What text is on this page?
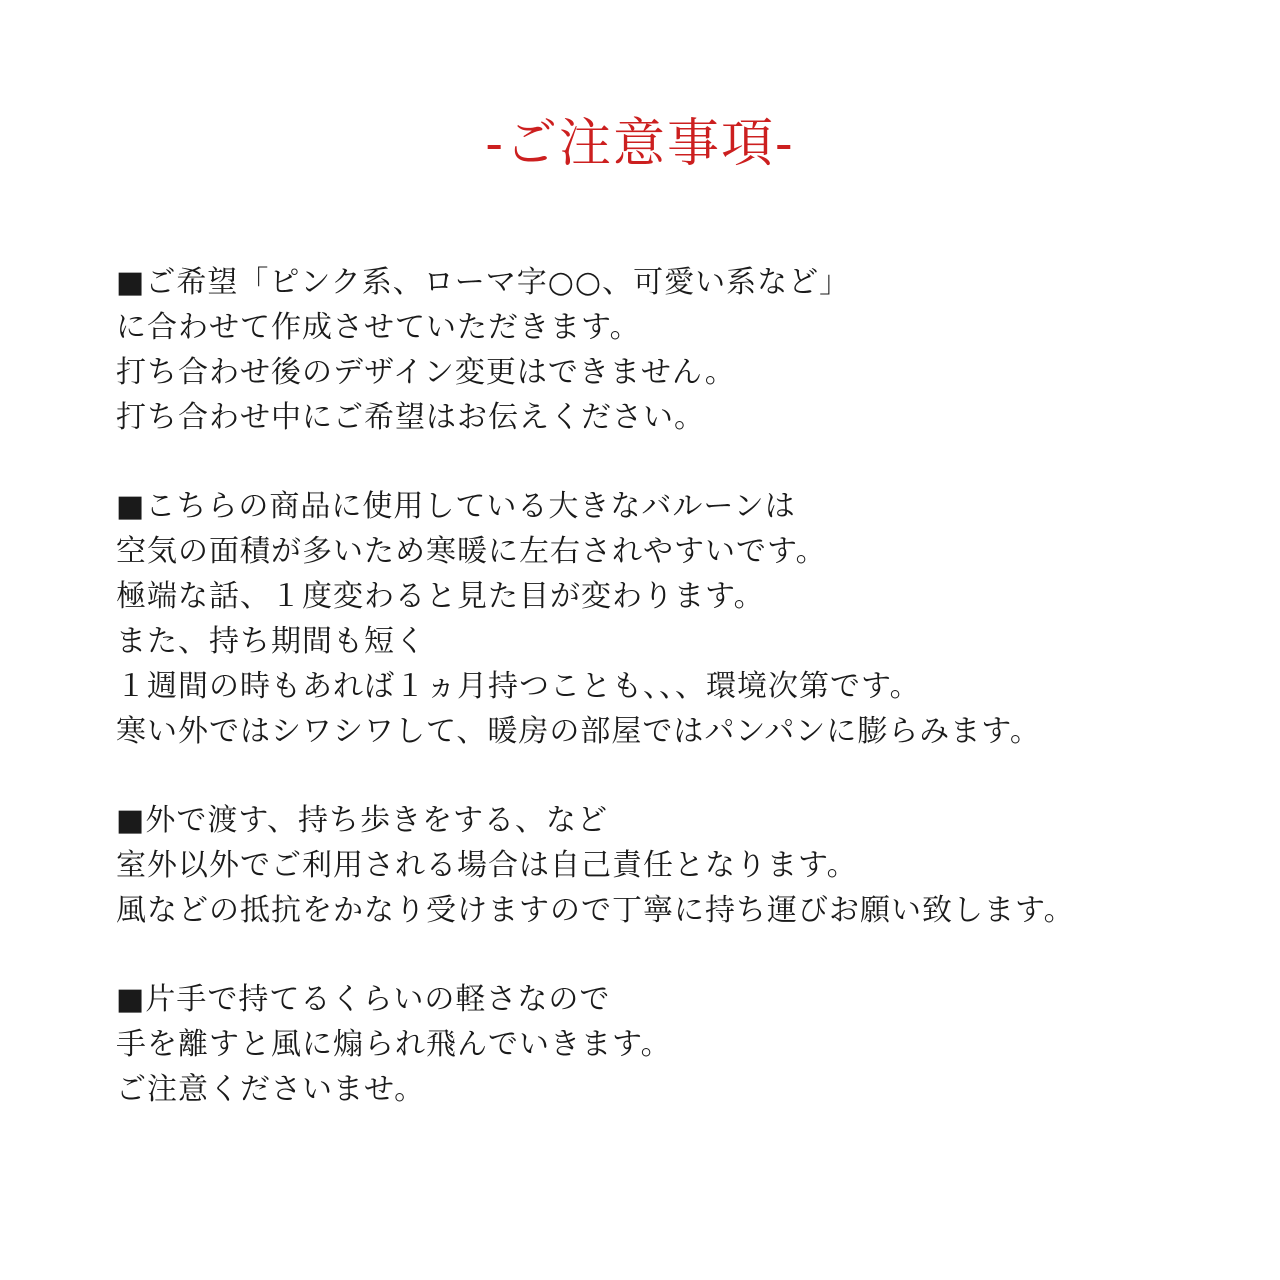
-ご注意事項-
■ご希望「ピンク系、ローマ字○○、可愛い系など」
に合わせて作成させていただきます。
打ち合わせ後のデザイン変更はできません。
打ち合わせ中にご希望はお伝えください。
■こちらの商品に使用している大きなバルーンは
空気の面積が多いため寒暖に左右されやすいです。
極端な話、１度変わると見た目が変わります。
また、持ち期間も短く
１週間の時もあれば１ヵ月持つことも、、、環境次第です。
寒い外ではシワシワして、暖房の部屋ではパンパンに膨らみます。
■外で渡す、持ち歩きをする、など
室外以外でご利用される場合は自己責任となります。
風などの抵抗をかなり受けますので丁寧に持ち運びお願い致します。
■片手で持てるくらいの軽さなので
手を離すと風に煽られ飛んでいきます。
ご注意くださいませ。
